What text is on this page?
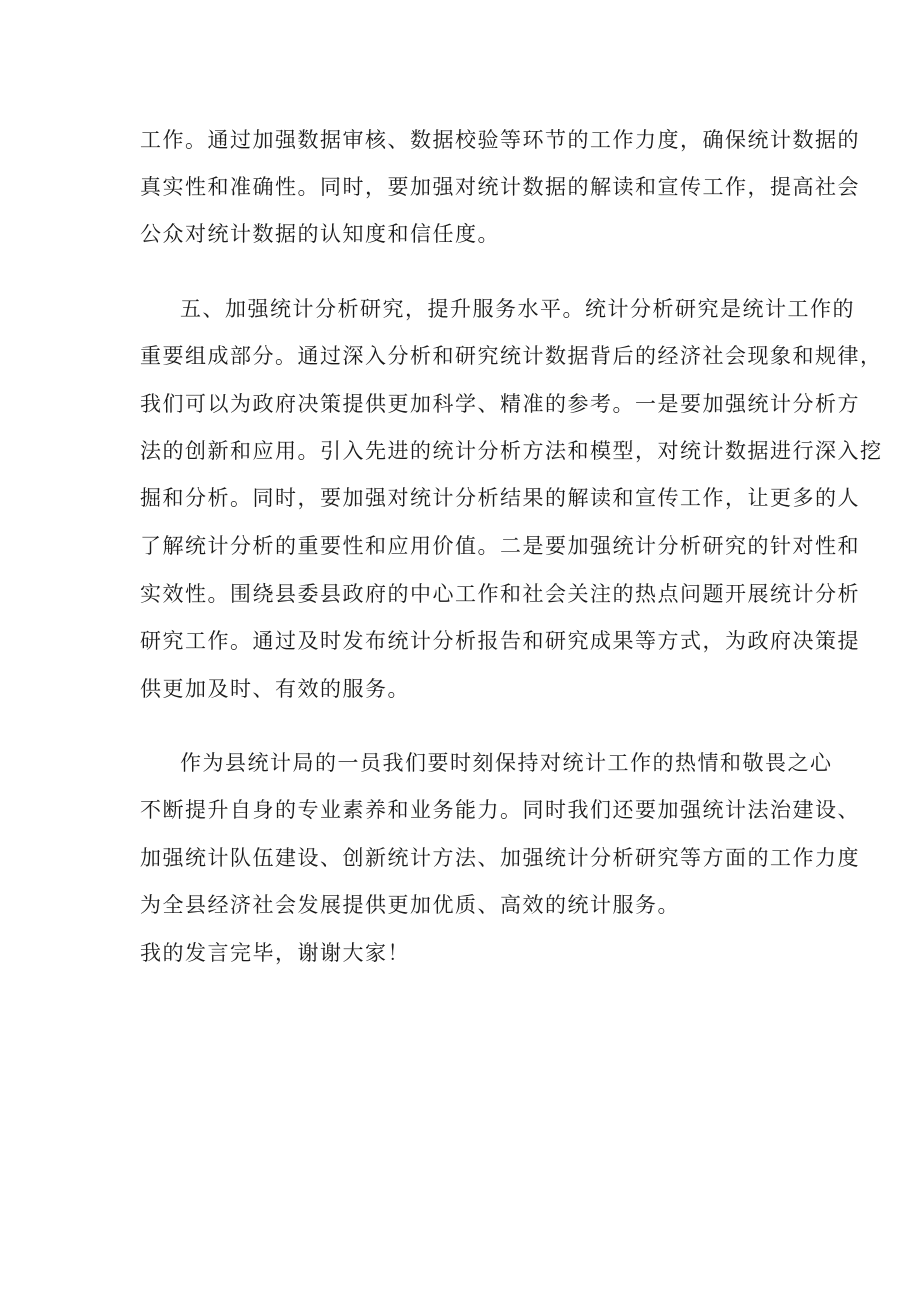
工作。通过加强数据审核、数据校验等环节的工作力度，确保统计数据的
真实性和准确性。同时，要加强对统计数据的解读和宣传工作，提高社会
公众对统计数据的认知度和信任度。
五、加强统计分析研究，提升服务水平。统计分析研究是统计工作的
重要组成部分。通过深入分析和研究统计数据背后的经济社会现象和规律，
我们可以为政府决策提供更加科学、精准的参考。一是要加强统计分析方
法的创新和应用。引入先进的统计分析方法和模型，对统计数据进行深入挖
掘和分析。同时，要加强对统计分析结果的解读和宣传工作，让更多的人
了解统计分析的重要性和应用价值。二是要加强统计分析研究的针对性和
实效性。围绕县委县政府的中心工作和社会关注的热点问题开展统计分析
研究工作。通过及时发布统计分析报告和研究成果等方式，为政府决策提
供更加及时、有效的服务。
作为县统计局的一员我们要时刻保持对统计工作的热情和敬畏之心
不断提升自身的专业素养和业务能力。同时我们还要加强统计法治建设、
加强统计队伍建设、创新统计方法、加强统计分析研究等方面的工作力度
为全县经济社会发展提供更加优质、高效的统计服务。
我的发言完毕，谢谢大家！
